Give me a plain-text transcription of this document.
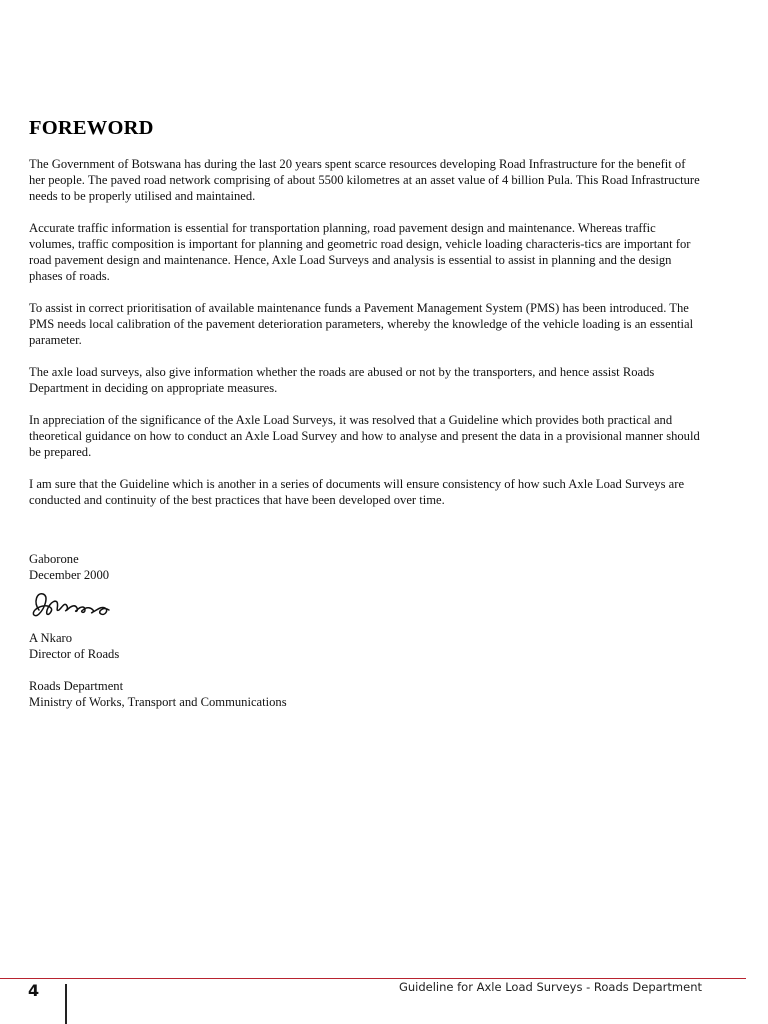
FOREWORD

The Government of Botswana has during the last 20 years spent scarce resources developing Road Infrastructure for the benefit of her people. The paved road network comprising of about 5500 kilometres at an asset value of 4 billion Pula. This Road Infrastructure needs to be properly utilised and maintained.

Accurate traffic information is essential for transportation planning, road pavement design and maintenance. Whereas traffic volumes, traffic composition is important for planning and geometric road design, vehicle loading characteris-tics are important for road pavement design and maintenance. Hence, Axle Load Surveys and analysis is essential to assist in planning and the design phases of roads.

To assist in correct prioritisation of available maintenance funds a Pavement Management System (PMS) has been introduced. The PMS needs local calibration of the pavement deterioration parameters, whereby the knowledge of the vehicle loading is an essential parameter.

The axle load surveys, also give information whether the roads are abused or not by the transporters, and hence assist Roads Department in deciding on appropriate measures.

In appreciation of the significance of the Axle Load Surveys, it was resolved that a Guideline which provides both practical and theoretical guidance on how to conduct an Axle Load Survey and how to analyse and present the data in a provisional manner should be prepared.

I am sure that the Guideline which is another in a series of documents will ensure consistency of how such Axle Load Surveys are conducted and continuity of the best practices that have been developed over time.

Gaborone
December 2000
A Nkaro
Director of Roads
Roads Department
Ministry of Works, Transport and Communications
4	Guideline for Axle Load Surveys - Roads Department
